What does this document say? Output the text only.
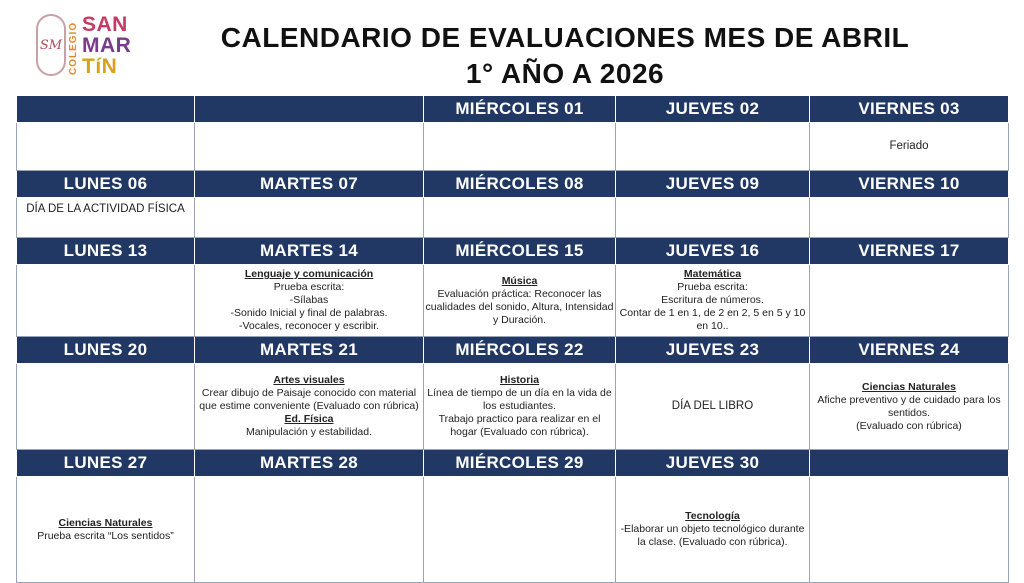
SM COLEGIO SAN
MAR
TíN
CALENDARIO DE EVALUACIONES MES DE ABRIL
1° AÑO A 2026
		MIÉRCOLES 01	JUEVES 02	VIERNES 03

				Feriado

LUNES 06	MARTES 07	MIÉRCOLES 08	JUEVES 09	VIERNES 10

DÍA DE LA ACTIVIDAD FÍSICA				

LUNES 13	MARTES 14	MIÉRCOLES 15	JUEVES 16	VIERNES 17

	Lenguaje y comunicación
Prueba escrita:
-Sílabas
-Sonido Inicial y final de palabras.
-Vocales, reconocer y escribir.	Música
Evaluación práctica: Reconocer las cualidades del sonido, Altura, Intensidad y Duración.	Matemática
Prueba escrita:
Escritura de números.
Contar de 1 en 1, de 2 en 2, 5 en 5 y 10 en 10..	

LUNES 20	MARTES 21	MIÉRCOLES 22	JUEVES 23	VIERNES 24

	Artes visuales
Crear dibujo de Paisaje conocido con material que estime conveniente (Evaluado con rúbrica)
Ed. Física
Manipulación y estabilidad.	Historia
Línea de tiempo de un día en la vida de los estudiantes.
Trabajo practico para realizar en el hogar (Evaluado con rúbrica).	DÍA DEL LIBRO	Ciencias Naturales
Afiche preventivo y de cuidado para los sentidos.
(Evaluado con rúbrica)

LUNES 27	MARTES 28	MIÉRCOLES 29	JUEVES 30	

Ciencias Naturales
Prueba escrita “Los sentidos”			Tecnología
-Elaborar un objeto tecnológico durante la clase. (Evaluado con rúbrica).	
